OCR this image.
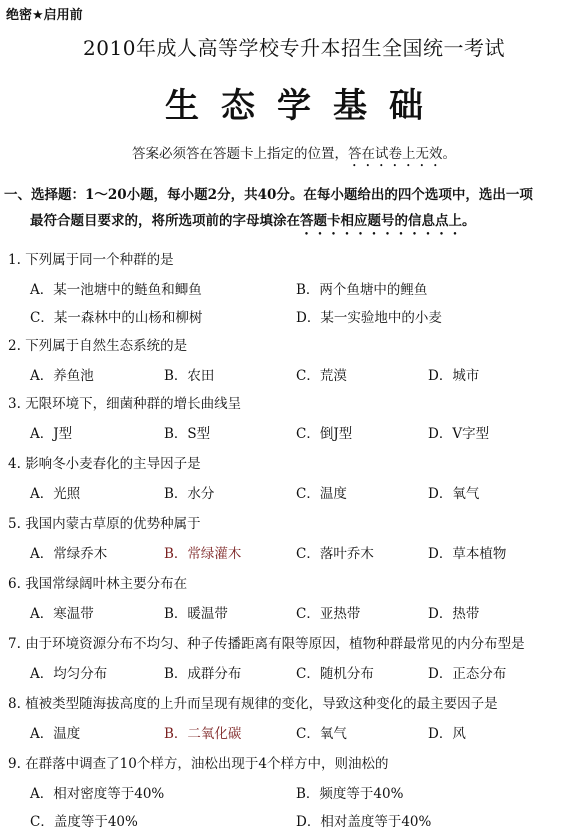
绝密★启用前
2010年成人高等学校专升本招生全国统一考试
生态学基础
答案必须答在答题卡上指定的位置，答在试卷上无效。
一、选择题：1～20小题，每小题2分，共40分。在每小题给出的四个选项中，选出一项
最符合题目要求的，将所选项前的字母填涂在答题卡相应题号的信息点上。
1. 下列属于同一个种群的是
A．某一池塘中的鲢鱼和鲫鱼	B．两个鱼塘中的鲤鱼
C．某一森林中的山杨和柳树	D．某一实验地中的小麦
2. 下列属于自然生态系统的是
A．养鱼池	B．农田	C．荒漠	D．城市
3. 无限环境下，细菌种群的增长曲线呈
A．J型	B．S型	C．倒J型	D．V字型
4. 影响冬小麦春化的主导因子是
A．光照	B．水分	C．温度	D．氧气
5. 我国内蒙古草原的优势种属于
A．常绿乔木	B．常绿灌木	C．落叶乔木	D．草本植物
6. 我国常绿阔叶林主要分布在
A．寒温带	B．暖温带	C．亚热带	D．热带
7. 由于环境资源分布不均匀、种子传播距离有限等原因，植物种群最常见的内分布型是
A．均匀分布	B．成群分布	C．随机分布	D．正态分布
8. 植被类型随海拔高度的上升而呈现有规律的变化，导致这种变化的最主要因子是
A．温度	B．二氧化碳	C．氧气	D．风
9. 在群落中调查了10个样方，油松出现于4个样方中，则油松的
A．相对密度等于40%	B．频度等于40%
C．盖度等于40%	D．相对盖度等于40%
